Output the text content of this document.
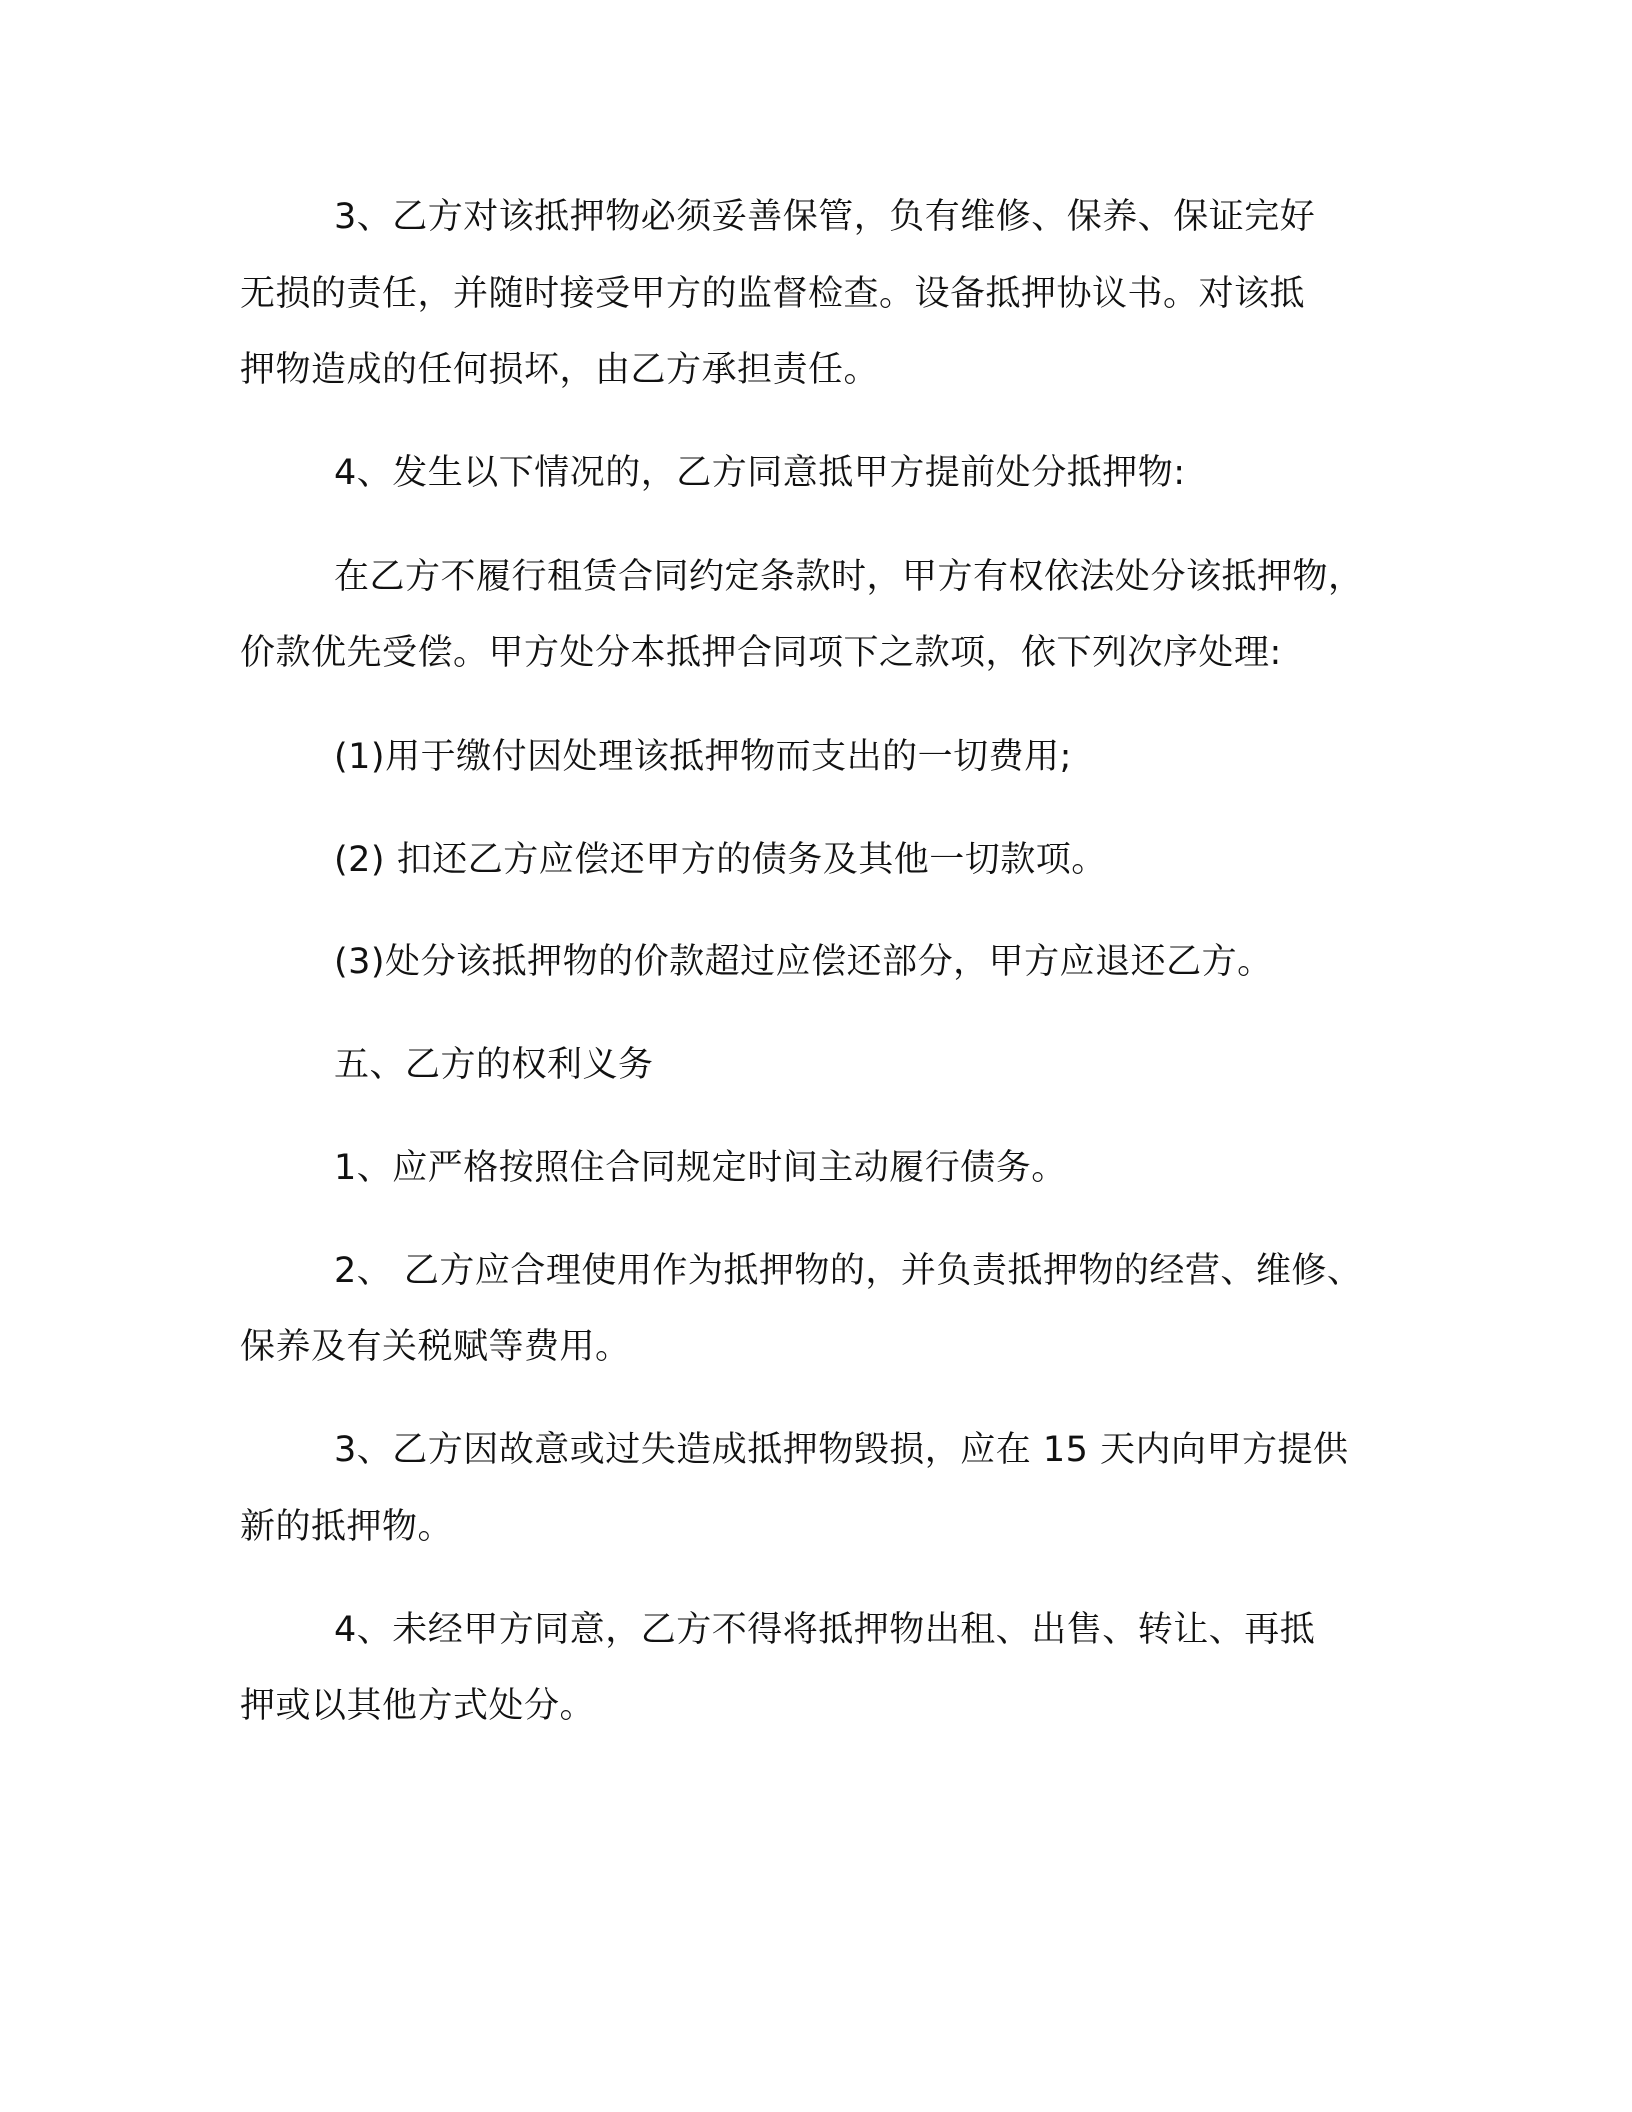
3、乙方对该抵押物必须妥善保管，负有维修、保养、保证完好
无损的责任，并随时接受甲方的监督检查。设备抵押协议书。对该抵
押物造成的任何损坏，由乙方承担责任。
4、发生以下情况的，乙方同意抵甲方提前处分抵押物:
在乙方不履行租赁合同约定条款时，甲方有权依法处分该抵押物，
价款优先受偿。甲方处分本抵押合同项下之款项，依下列次序处理:
(1)用于缴付因处理该抵押物而支出的一切费用;
(2) 扣还乙方应偿还甲方的债务及其他一切款项。
(3)处分该抵押物的价款超过应偿还部分，甲方应退还乙方。
五、乙方的权利义务
1、应严格按照住合同规定时间主动履行债务。
2、 乙方应合理使用作为抵押物的，并负责抵押物的经营、维修、
保养及有关税赋等费用。
3、乙方因故意或过失造成抵押物毁损，应在 15 天内向甲方提供
新的抵押物。
4、未经甲方同意，乙方不得将抵押物出租、出售、转让、再抵
押或以其他方式处分。
